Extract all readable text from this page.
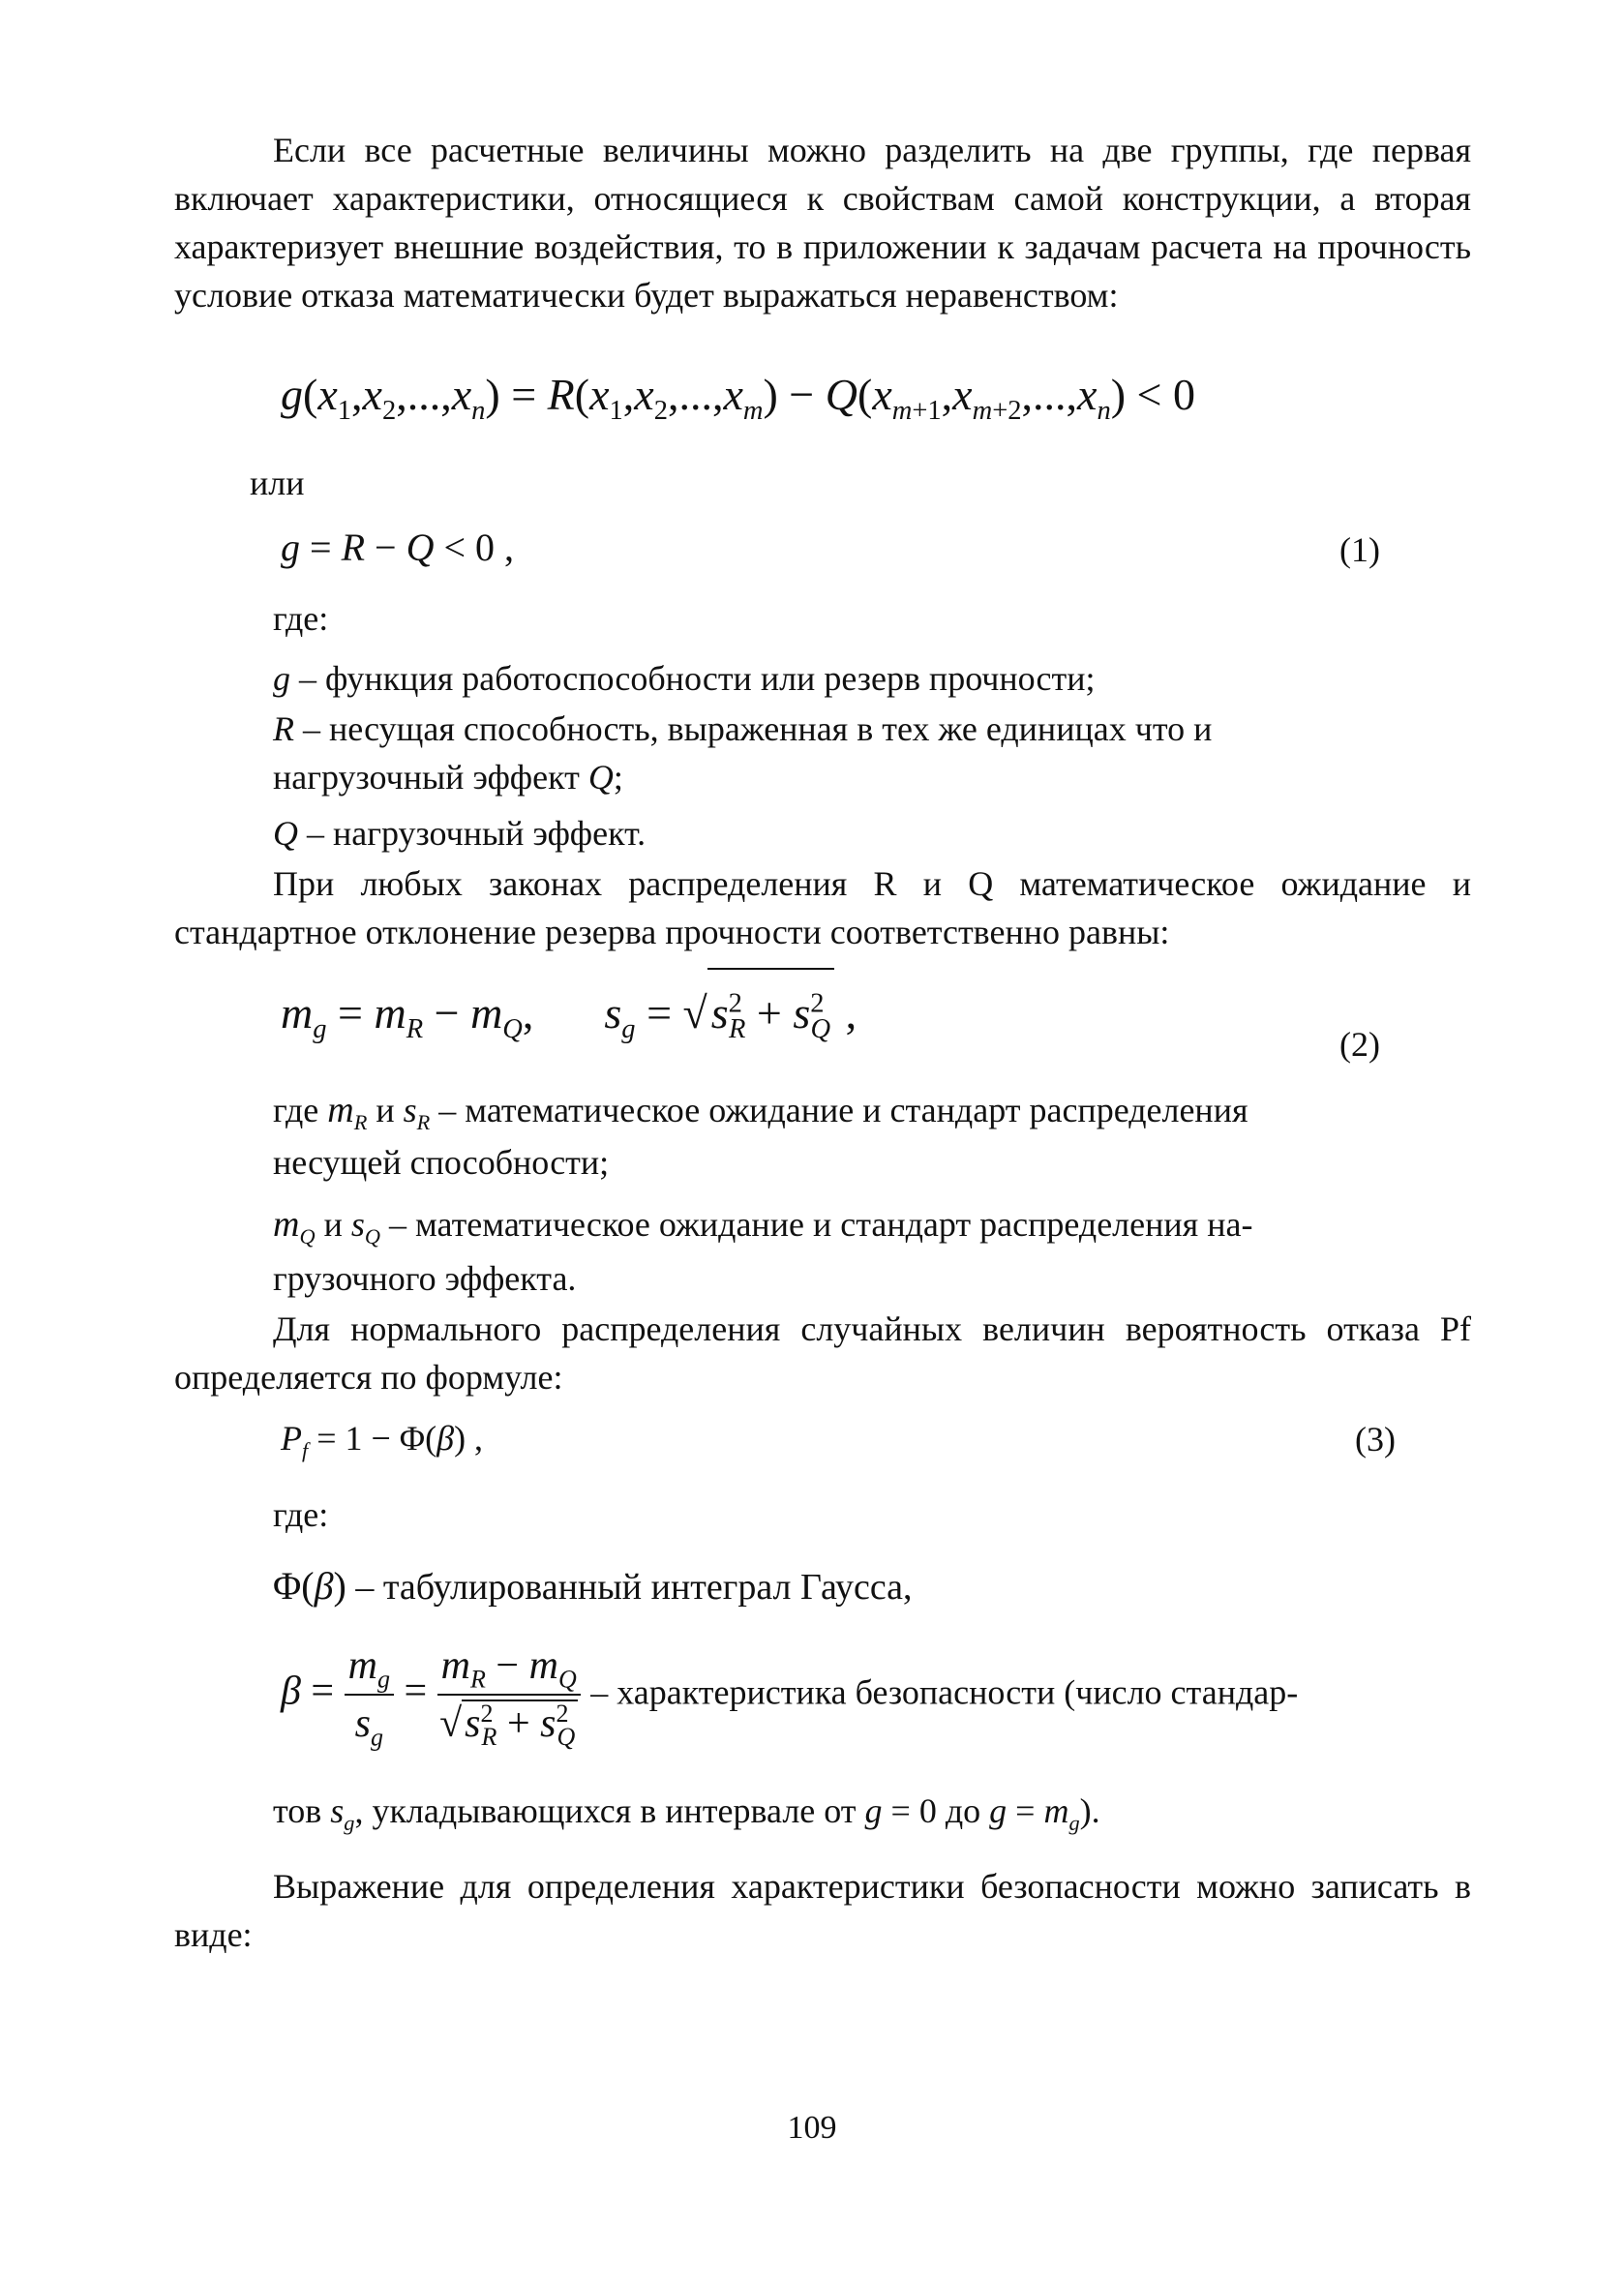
Если все расчетные величины можно разделить на две группы, где первая включает характеристики, относящиеся к свойствам самой конструкции, а вторая характеризует внешние воздействия, то в приложении к задачам расчета на прочность условие отказа математически будет выражаться неравенством:

$g(x_1,x_2,...,x_n) = R(x_1,x_2,...,x_m) - Q(x_{m+1},x_{m+2},...,x_n) < 0$

или

g = R − Q < 0 ,	(1)

где:

g – функция работоспособности или резерв прочности;

R – несущая способность, выраженная в тех же единицах что и

нагрузочный эффект Q;

Q – нагрузочный эффект.

При любых законах распределения R и Q математическое ожидание и стандартное отклонение резерва прочности соответственно равны:

$m_g = m_R - m_Q$,  $s_g = √s^2_R + s^2_Q$ ,
(2)

где $m_R$ и $s_R$ – математическое ожидание и стандарт распределения

несущей способности;

$m_Q$ и $s_Q$ – математическое ожидание и стандарт распределения на-

грузочного эффекта.

Для нормального распределения случайных величин вероятность отказа Pf определяется по формуле:

$P_f = 1 - \Phi(\beta)$ ,	(3)

где:

Φ(β) – табулированный интеграл Гаусса,

$\beta = \frac{m_g}{s_g} = \frac{m_R - m_Q}{√s^2_R + s^2_Q}$ – характеристика безопасности (число стандар-

тов $s_g$, укладывающихся в интервале от g = 0 до $g = m_g$).

Выражение для определения характеристики безопасности можно записать в виде:

109
